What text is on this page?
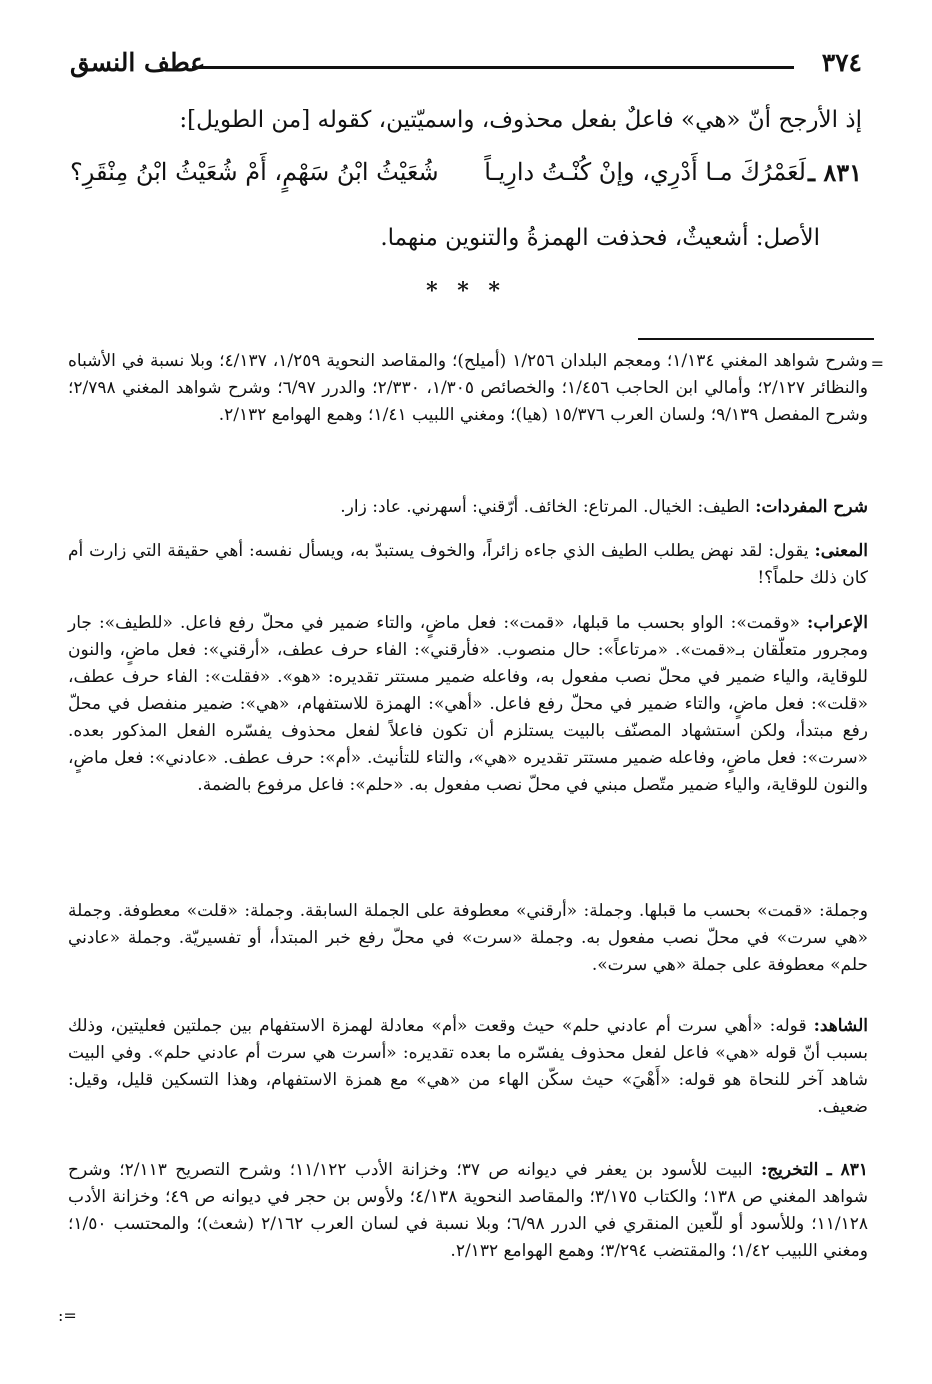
٣٧٤
عطف النسق
إذ الأرجح أنّ «هي» فاعلٌ بفعل محذوف، واسميّتين، كقوله [من الطويل]:
٨٣١ ـ
لَعَمْرُكَ مـا أَدْرِي، وإنْ كُنْـتُ دارِيـاً
شُعَيْثُ ابْنُ سَهْمٍ، أَمْ شُعَيْثُ ابْنُ مِنْقَرِ؟
الأصل: أشعيثٌ، فحذفت الهمزةُ والتنوين منهما.
* * *
=
وشرح شواهد المغني ١/١٣٤؛ ومعجم البلدان ١/٢٥٦ (أميلح)؛ والمقاصد النحوية ١/٢٥٩، ٤/١٣٧؛ وبلا نسبة في الأشباه والنظائر ٢/١٢٧؛ وأمالي ابن الحاجب ١/٤٥٦؛ والخصائص ١/٣٠٥، ٢/٣٣٠؛ والدرر ٦/٩٧؛ وشرح شواهد المغني ٢/٧٩٨؛ وشرح المفصل ٩/١٣٩؛ ولسان العرب ١٥/٣٧٦ (هيا)؛ ومغني اللبيب ١/٤١؛ وهمع الهوامع ٢/١٣٢.
شرح المفردات: الطيف: الخيال. المرتاع: الخائف. أرّقني: أسهرني. عاد: زار.
المعنى: يقول: لقد نهض يطلب الطيف الذي جاءه زائراً، والخوف يستبدّ به، ويسأل نفسه: أهي حقيقة التي زارت أم كان ذلك حلماً؟!
الإعراب: «وقمت»: الواو بحسب ما قبلها، «قمت»: فعل ماضٍ، والتاء ضمير في محلّ رفع فاعل. «للطيف»: جار ومجرور متعلّقان بـ«قمت». «مرتاعاً»: حال منصوب. «فأرقني»: الفاء حرف عطف، «أرقني»: فعل ماضٍ، والنون للوقاية، والياء ضمير في محلّ نصب مفعول به، وفاعله ضمير مستتر تقديره: «هو». «فقلت»: الفاء حرف عطف، «قلت»: فعل ماضٍ، والتاء ضمير في محلّ رفع فاعل. «أهي»: الهمزة للاستفهام، «هي»: ضمير منفصل في محلّ رفع مبتدأ، ولكن استشهاد المصنّف بالبيت يستلزم أن تكون فاعلاً لفعل محذوف يفسّره الفعل المذكور بعده. «سرت»: فعل ماضٍ، وفاعله ضمير مستتر تقديره «هي»، والتاء للتأنيث. «أم»: حرف عطف. «عادني»: فعل ماضٍ، والنون للوقاية، والياء ضمير متّصل مبني في محلّ نصب مفعول به. «حلم»: فاعل مرفوع بالضمة.
وجملة: «قمت» بحسب ما قبلها. وجملة: «أرقني» معطوفة على الجملة السابقة. وجملة: «قلت» معطوفة. وجملة «هي سرت» في محلّ نصب مفعول به. وجملة «سرت» في محلّ رفع خبر المبتدأ، أو تفسيريّة. وجملة «عادني حلم» معطوفة على جملة «هي سرت».
الشاهد: قوله: «أهي سرت أم عادني حلم» حيث وقعت «أم» معادلة لهمزة الاستفهام بين جملتين فعليتين، وذلك بسبب أنّ قوله «هي» فاعل لفعل محذوف يفسّره ما بعده تقديره: «أسرت هي سرت أم عادني حلم». وفي البيت شاهد آخر للنحاة هو قوله: «أَهْيَ» حيث سكّن الهاء من «هي» مع همزة الاستفهام، وهذا التسكين قليل، وقيل: ضعيف.
٨٣١ ـ التخريج: البيت للأسود بن يعفر في ديوانه ص ٣٧؛ وخزانة الأدب ١١/١٢٢؛ وشرح التصريح ٢/١١٣؛ وشرح شواهد المغني ص ١٣٨؛ والكتاب ٣/١٧٥؛ والمقاصد النحوية ٤/١٣٨؛ ولأوس بن حجر في ديوانه ص ٤٩؛ وخزانة الأدب ١١/١٢٨؛ وللأسود أو للّعين المنقري في الدرر ٦/٩٨؛ وبلا نسبة في لسان العرب ٢/١٦٢ (شعث)؛ والمحتسب ١/٥٠؛ ومغني اللبيب ١/٤٢؛ والمقتضب ٣/٢٩٤؛ وهمع الهوامع ٢/١٣٢.
=:
